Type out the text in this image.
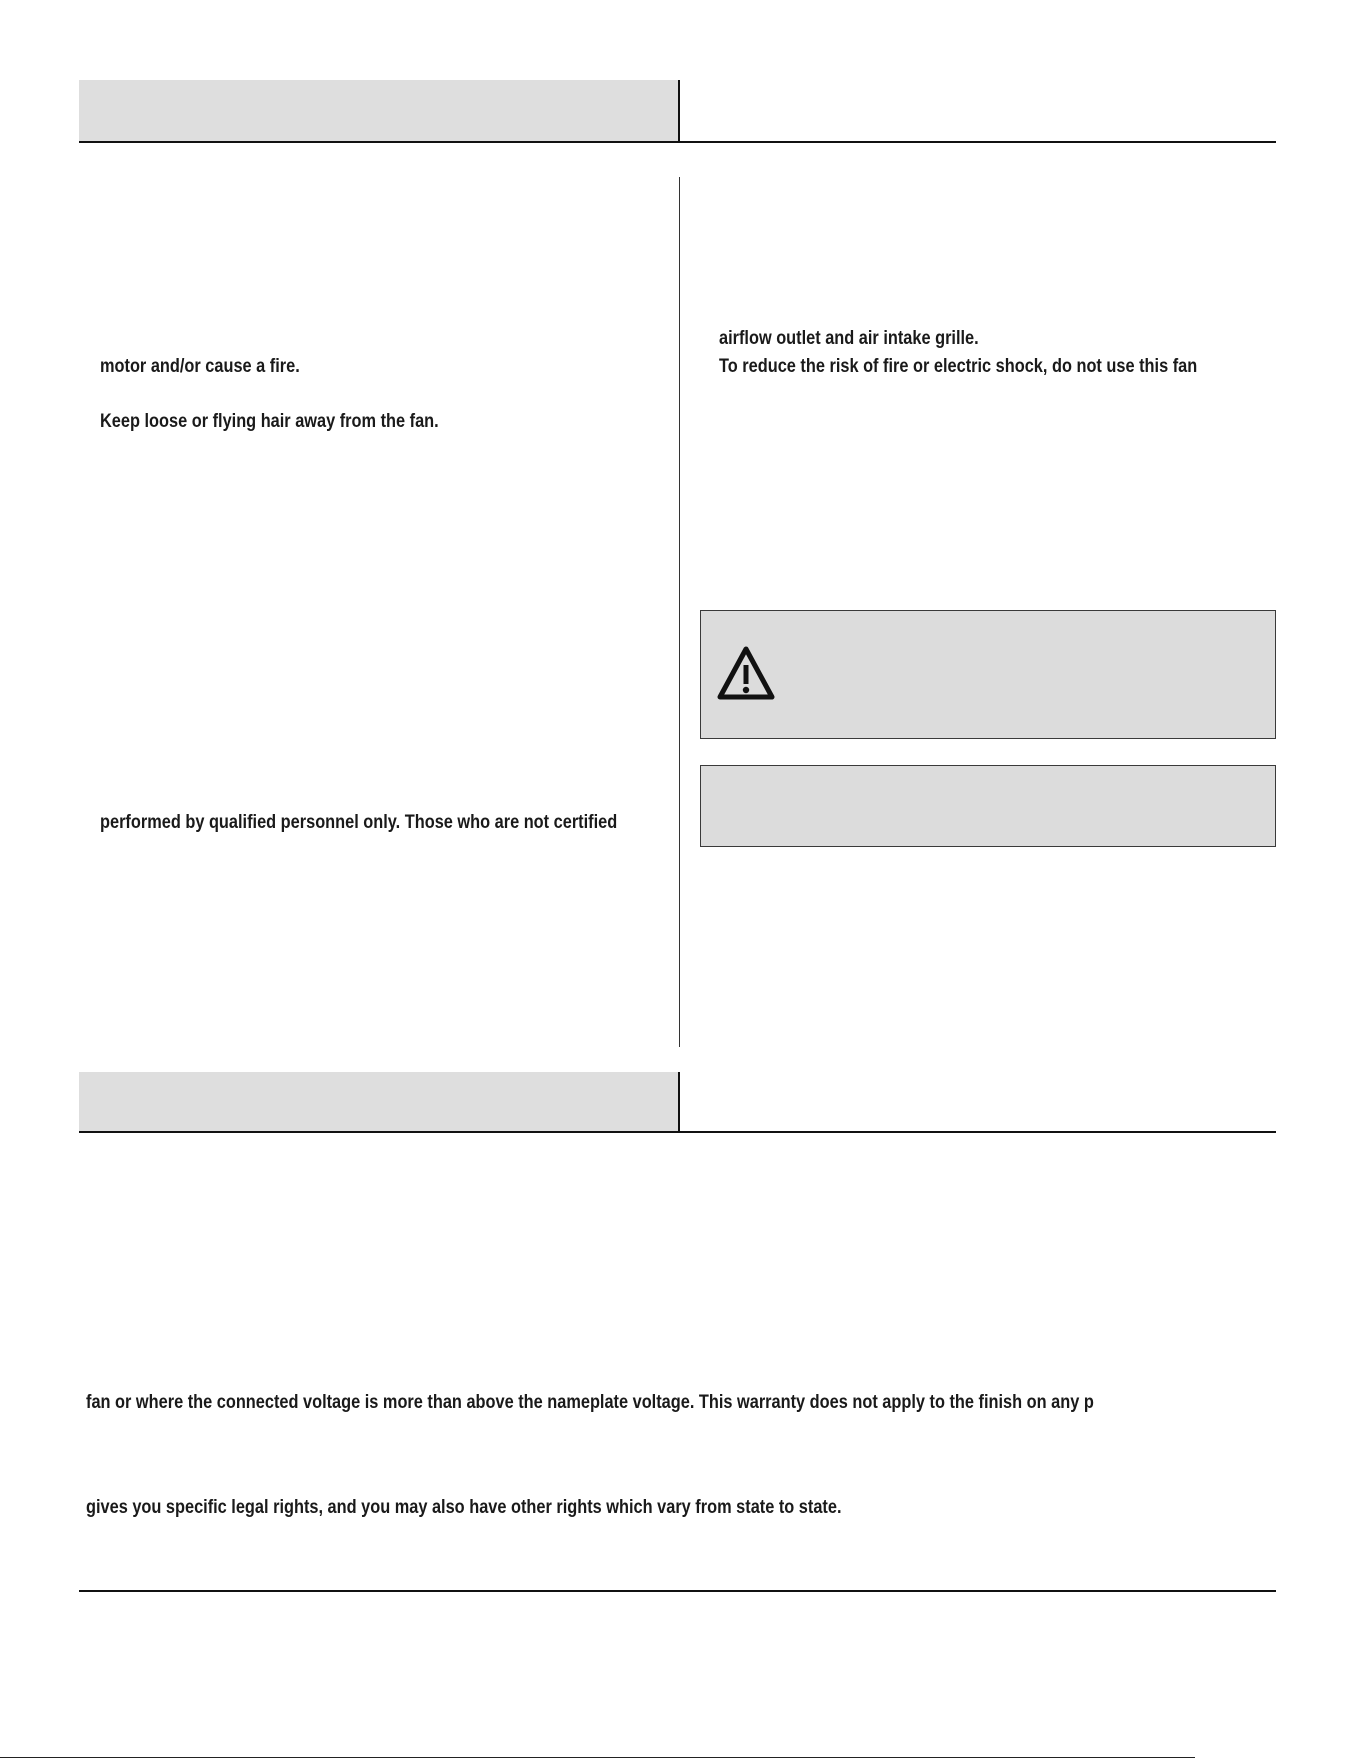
motor and/or cause a fire.
Keep loose or flying hair away from the fan.
performed by qualified personnel only. Those who are not certified
airflow outlet and air intake grille.
To reduce the risk of fire or electric shock, do not use this fan
fan or where the connected voltage is more than above the nameplate voltage. This warranty does not apply to the finish on any p
gives you specific legal rights, and you may also have other rights which vary from state to state.
